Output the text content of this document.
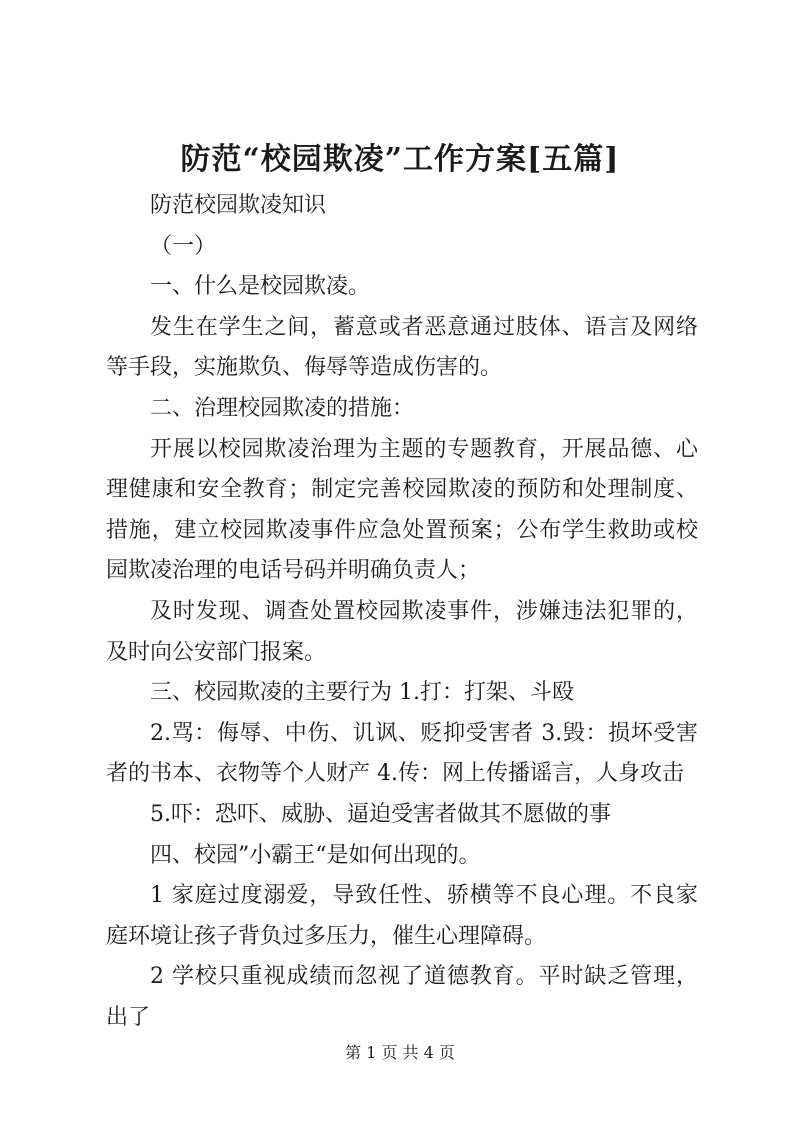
防范“校园欺凌”工作方案[五篇]

防范校园欺凌知识

（一）

一、什么是校园欺凌。

发生在学生之间，蓄意或者恶意通过肢体、语言及网络等手段，实施欺负、侮辱等造成伤害的。

二、治理校园欺凌的措施：

开展以校园欺凌治理为主题的专题教育，开展品德、心理健康和安全教育；制定完善校园欺凌的预防和处理制度、措施，建立校园欺凌事件应急处置预案；公布学生救助或校园欺凌治理的电话号码并明确负责人；

及时发现、调查处置校园欺凌事件，涉嫌违法犯罪的，及时向公安部门报案。

三、校园欺凌的主要行为 1.打：打架、斗殴

2.骂：侮辱、中伤、讥讽、贬抑受害者 3.毁：损坏受害者的书本、衣物等个人财产 4.传：网上传播谣言，人身攻击

5.吓：恐吓、威胁、逼迫受害者做其不愿做的事

四、校园”小霸王“是如何出现的。

1 家庭过度溺爱，导致任性、骄横等不良心理。不良家庭环境让孩子背负过多压力，催生心理障碍。

2 学校只重视成绩而忽视了道德教育。平时缺乏管理，出了

第 1 页 共 4 页
